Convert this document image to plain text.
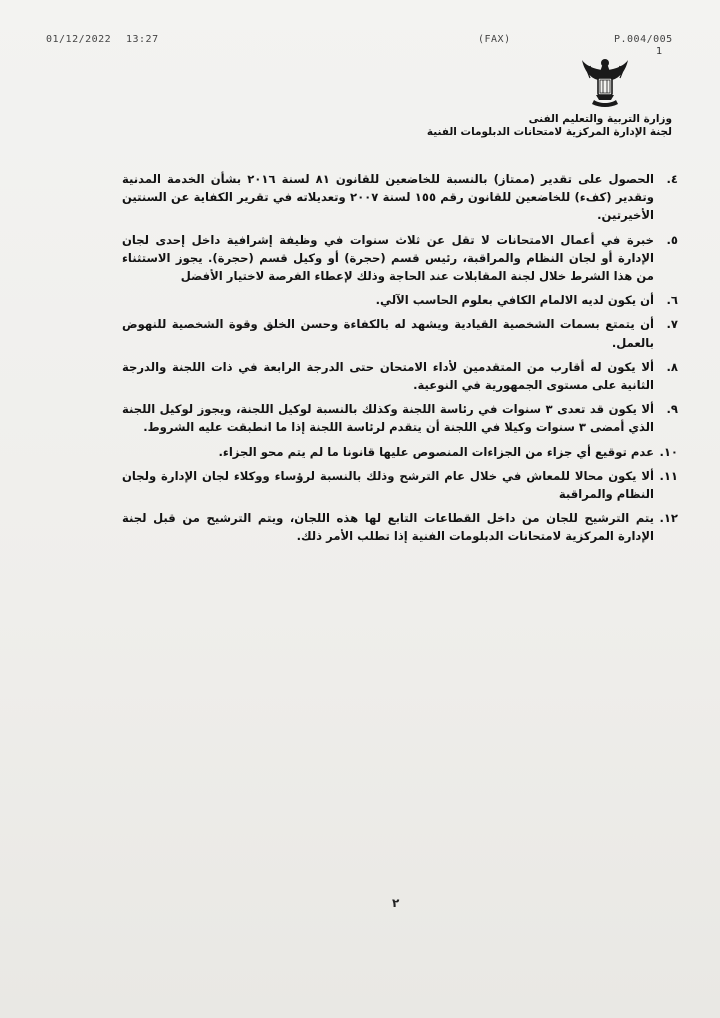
01/12/2022 13:27	(FAX)	P.004/005
1
وزارة التربية والتعليم الفنى
لجنة الإدارة المركزية لامتحانات الدبلومات الفنية
٤.
الحصول على تقدير (ممتاز) بالنسبة للخاضعين للقانون ٨١ لسنة ٢٠١٦ بشأن الخدمة المدنية وتقدير (كفء) للخاضعين للقانون رقم ١٥٥ لسنة ٢٠٠٧ وتعديلاته في تقرير الكفاية عن السنتين الأخيرتين.
٥.
خبرة في أعمال الامتحانات لا تقل عن ثلاث سنوات في وظيفة إشرافية داخل إحدى لجان الإدارة أو لجان النظام والمراقبة، رئيس قسم (حجرة) أو وكيل قسم (حجرة). يجوز الاستثناء من هذا الشرط خلال لجنة المقابلات عند الحاجة وذلك لإعطاء الفرصة لاختيار الأفضل
٦.
أن يكون لديه الالمام الكافي بعلوم الحاسب الآلي.
٧.
أن يتمتع بسمات الشخصية القيادية ويشهد له بالكفاءة وحسن الخلق وقوة الشخصية للنهوض بالعمل.
٨.
ألا يكون له أقارب من المتقدمين لأداء الامتحان حتى الدرجة الرابعة في ذات اللجنة والدرجة الثانية على مستوى الجمهورية في النوعية.
٩.
ألا يكون قد تعدى ٣ سنوات في رئاسة اللجنة وكذلك بالنسبة لوكيل اللجنة، ويجوز لوكيل اللجنة الذي أمضى ٣ سنوات وكيلا في اللجنة أن يتقدم لرئاسة اللجنة إذا ما انطبقت عليه الشروط.
١٠.
عدم توقيع أي جزاء من الجزاءات المنصوص عليها قانونا ما لم يتم محو الجزاء.
١١.
ألا يكون محالا للمعاش في خلال عام الترشح وذلك بالنسبة لرؤساء ووكلاء لجان الإدارة ولجان النظام والمراقبة
١٢.
يتم الترشيح للجان من داخل القطاعات التابع لها هذه اللجان، ويتم الترشيح من قبل لجنة الإدارة المركزية لامتحانات الدبلومات الفنية إذا تطلب الأمر ذلك.
٢
